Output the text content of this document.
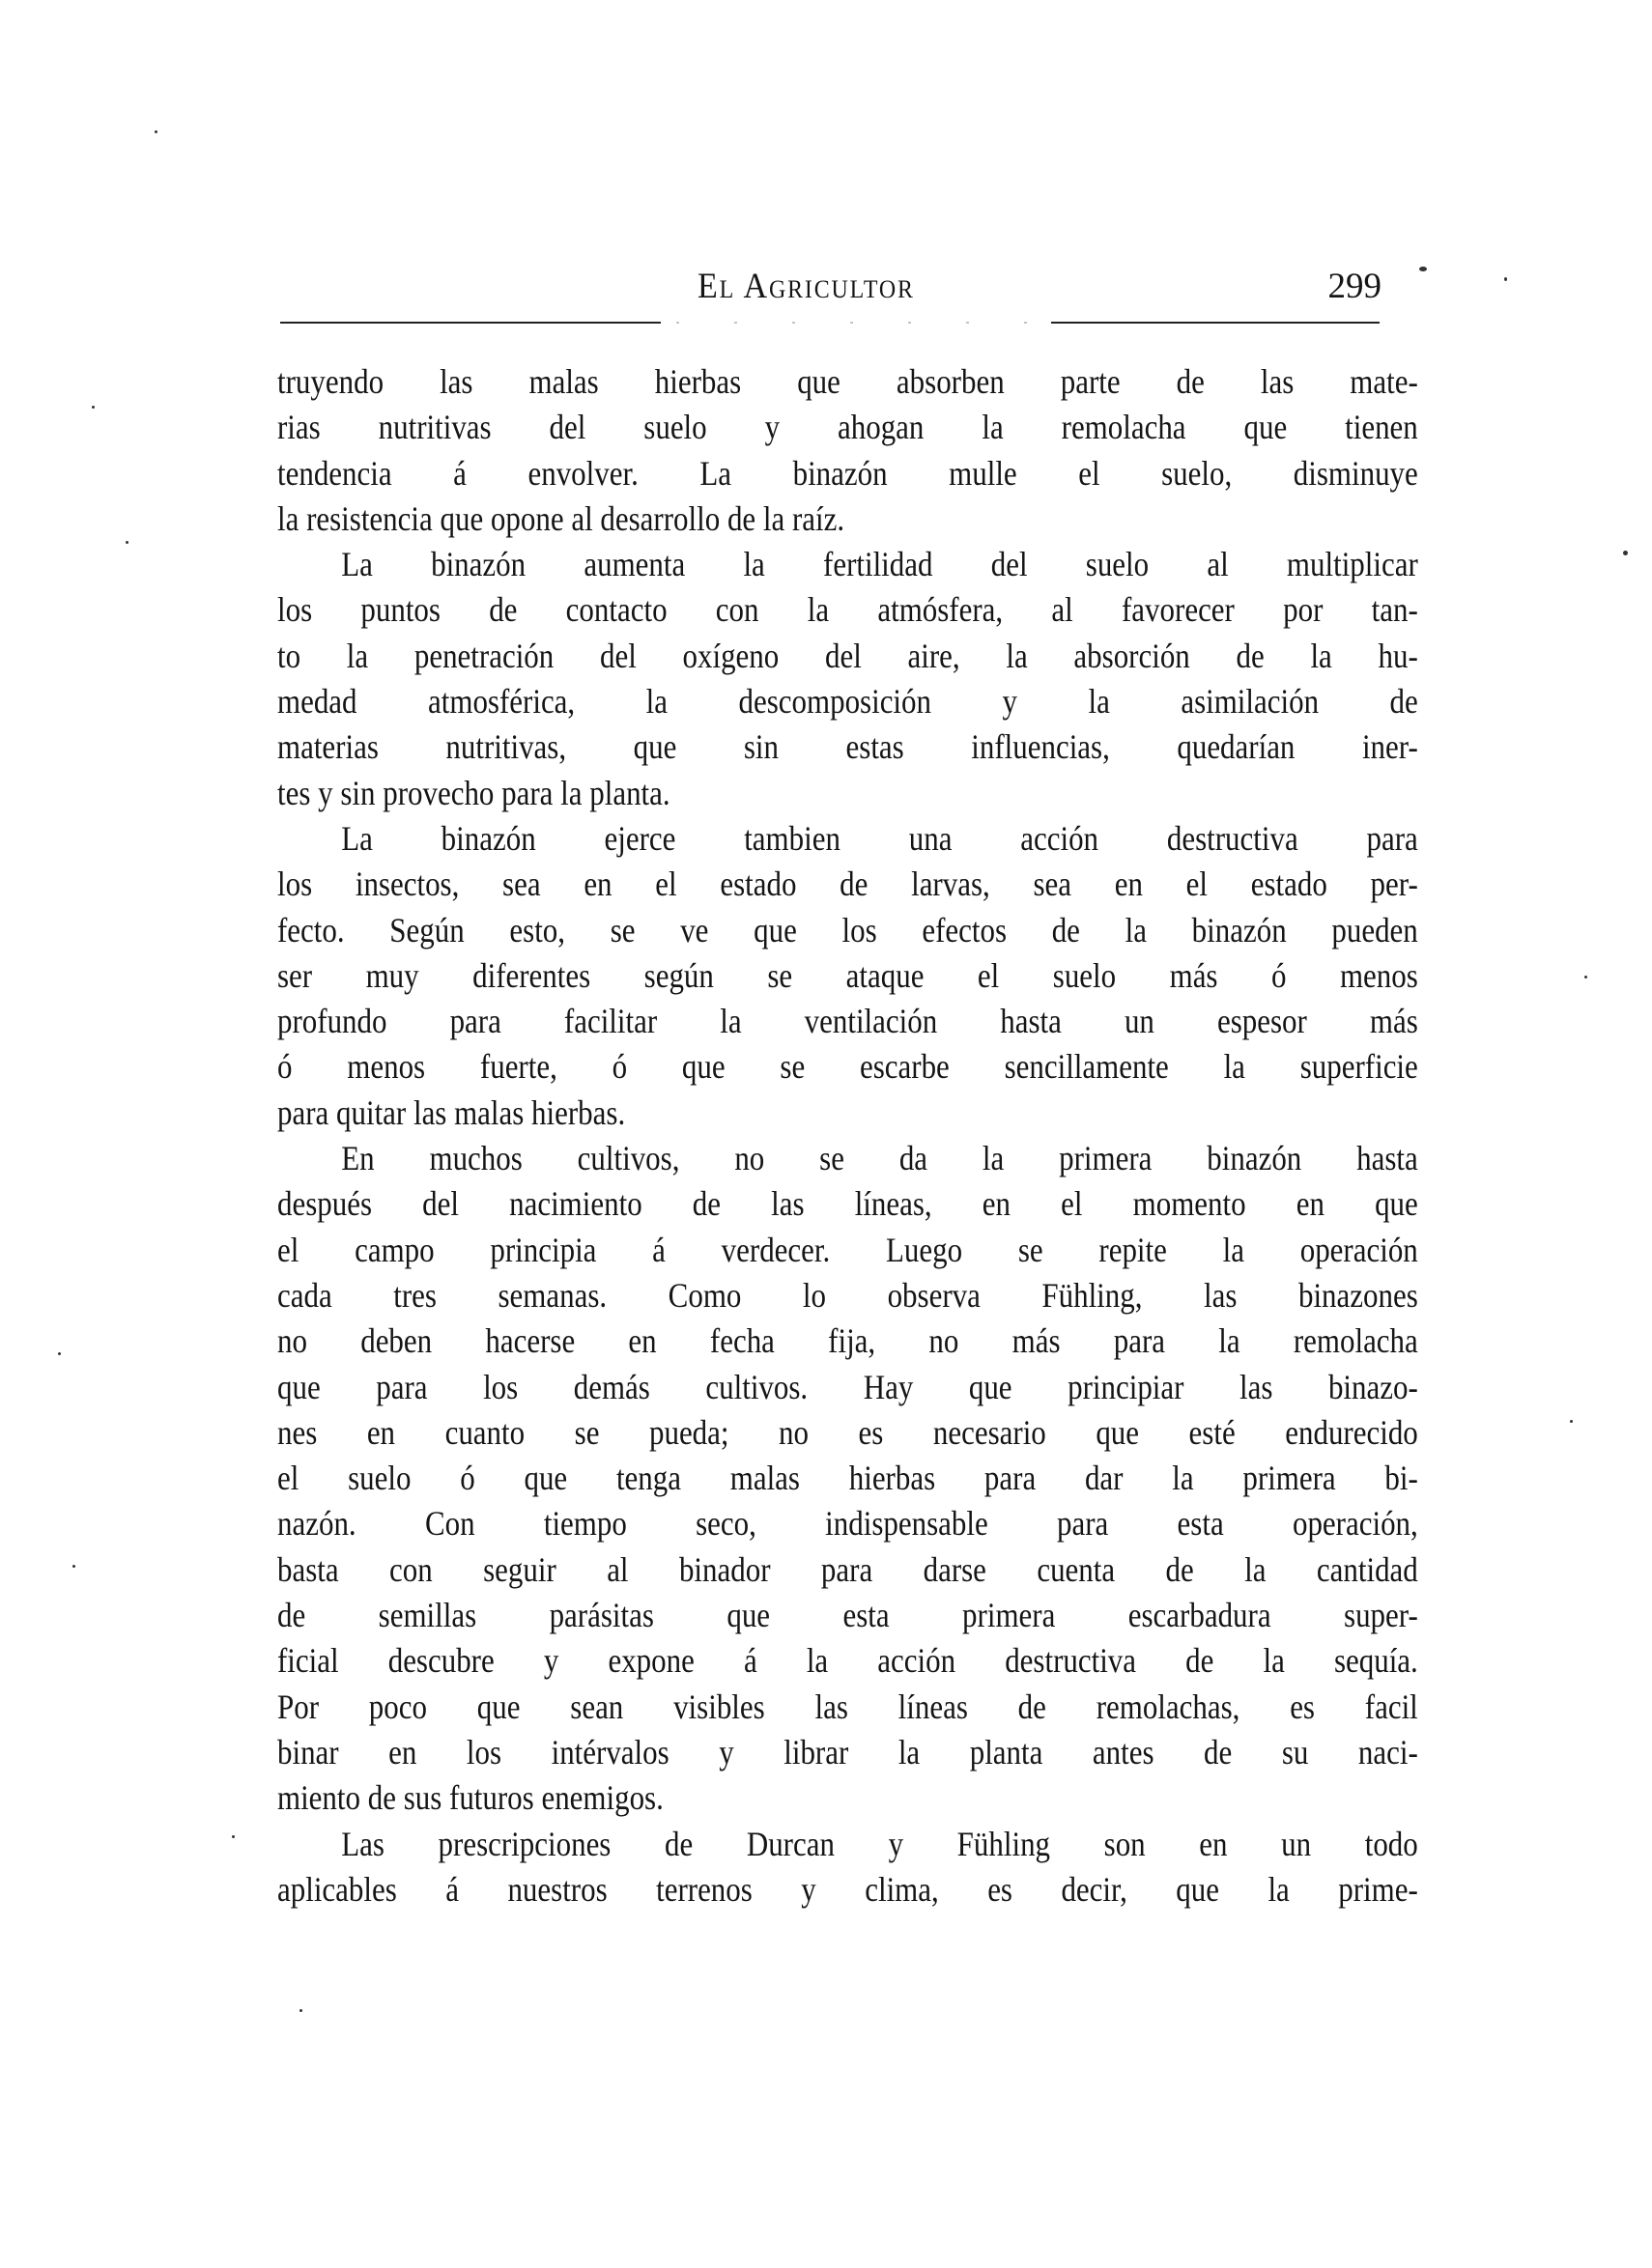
El Agricultor	299
truyendo las malas hierbas que absorben parte de las mate-
rias nutritivas del suelo y ahogan la remolacha que tienen
tendencia á envolver. La binazón mulle el suelo, disminuye
la resistencia que opone al desarrollo de la raíz.
La binazón aumenta la fertilidad del suelo al multiplicar
los puntos de contacto con la atmósfera, al favorecer por tan-
to la penetración del oxígeno del aire, la absorción de la hu-
medad atmosférica, la descomposición y la asimilación de
materias nutritivas, que sin estas influencias, quedarían iner-
tes y sin provecho para la planta.
La binazón ejerce tambien una acción destructiva para
los insectos, sea en el estado de larvas, sea en el estado per-
fecto. Según esto, se ve que los efectos de la binazón pueden
ser muy diferentes según se ataque el suelo más ó menos
profundo para facilitar la ventilación hasta un espesor más
ó menos fuerte, ó que se escarbe sencillamente la superficie
para quitar las malas hierbas.
En muchos cultivos, no se da la primera binazón hasta
después del nacimiento de las líneas, en el momento en que
el campo principia á verdecer. Luego se repite la operación
cada tres semanas. Como lo observa Fühling, las binazones
no deben hacerse en fecha fija, no más para la remolacha
que para los demás cultivos. Hay que principiar las binazo-
nes en cuanto se pueda; no es necesario que esté endurecido
el suelo ó que tenga malas hierbas para dar la primera bi-
nazón. Con tiempo seco, indispensable para esta operación,
basta con seguir al binador para darse cuenta de la cantidad
de semillas parásitas que esta primera escarbadura super-
ficial descubre y expone á la acción destructiva de la sequía.
Por poco que sean visibles las líneas de remolachas, es facil
binar en los intérvalos y librar la planta antes de su naci-
miento de sus futuros enemigos.
Las prescripciones de Durcan y Fühling son en un todo
aplicables á nuestros terrenos y clima, es decir, que la prime-
